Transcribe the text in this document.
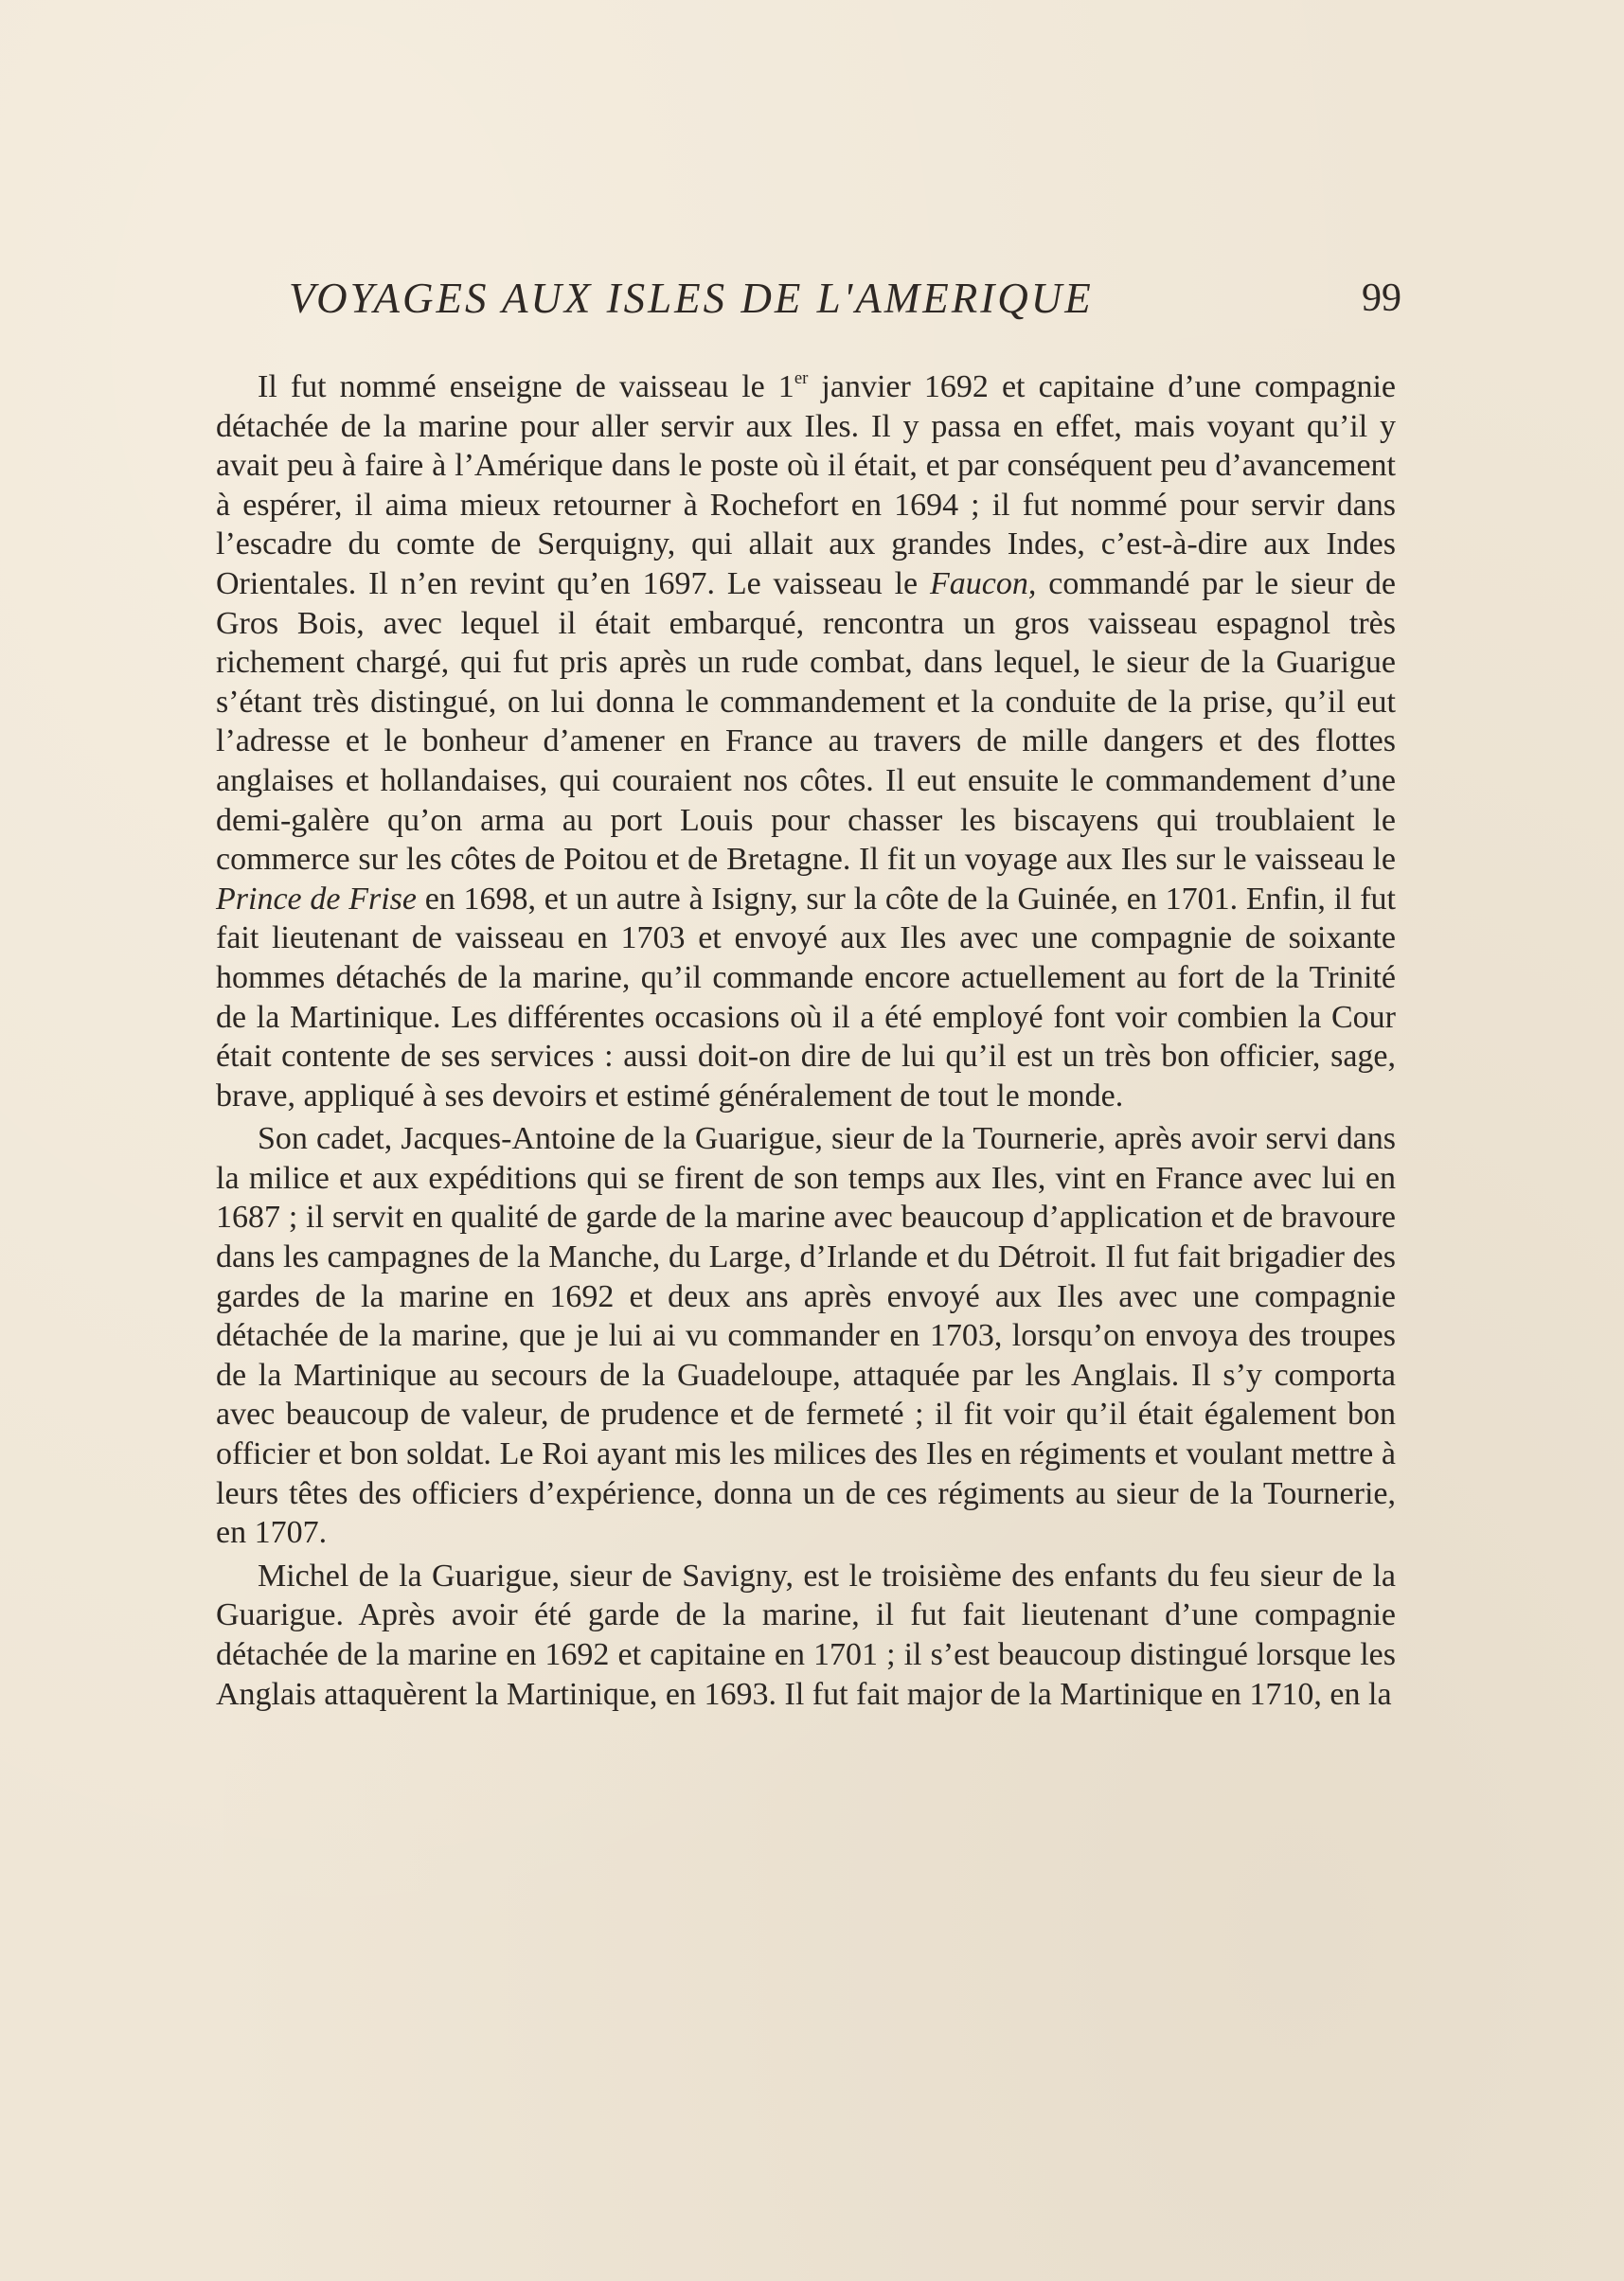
VOYAGES AUX ISLES DE L'AMERIQUE	99

Il fut nommé enseigne de vaisseau le 1er janvier 1692 et capitaine d’une compagnie détachée de la marine pour aller servir aux Iles. Il y passa en effet, mais voyant qu’il y avait peu à faire à l’Amérique dans le poste où il était, et par conséquent peu d’avancement à espérer, il aima mieux retourner à Rochefort en 1694 ; il fut nommé pour servir dans l’escadre du comte de Serquigny, qui allait aux grandes Indes, c’est-à-dire aux Indes Orientales. Il n’en revint qu’en 1697. Le vaisseau le Faucon, commandé par le sieur de Gros Bois, avec lequel il était embarqué, rencontra un gros vaisseau espagnol très richement chargé, qui fut pris après un rude combat, dans lequel, le sieur de la Guarigue s’étant très distingué, on lui donna le commandement et la conduite de la prise, qu’il eut l’adresse et le bonheur d’amener en France au travers de mille dangers et des flottes anglaises et hollandaises, qui couraient nos côtes. Il eut ensuite le commandement d’une demi-galère qu’on arma au port Louis pour chasser les biscayens qui troublaient le commerce sur les côtes de Poitou et de Bretagne. Il fit un voyage aux Iles sur le vaisseau le Prince de Frise en 1698, et un autre à Isigny, sur la côte de la Guinée, en 1701. Enfin, il fut fait lieutenant de vaisseau en 1703 et envoyé aux Iles avec une compagnie de soixante hommes détachés de la marine, qu’il commande encore actuellement au fort de la Trinité de la Martinique. Les différentes occasions où il a été employé font voir combien la Cour était contente de ses services : aussi doit-on dire de lui qu’il est un très bon officier, sage, brave, appliqué à ses devoirs et estimé généralement de tout le monde.

Son cadet, Jacques-Antoine de la Guarigue, sieur de la Tournerie, après avoir servi dans la milice et aux expéditions qui se firent de son temps aux Iles, vint en France avec lui en 1687 ; il servit en qualité de garde de la marine avec beaucoup d’application et de bravoure dans les campagnes de la Manche, du Large, d’Irlande et du Détroit. Il fut fait brigadier des gardes de la marine en 1692 et deux ans après envoyé aux Iles avec une compagnie détachée de la marine, que je lui ai vu commander en 1703, lorsqu’on envoya des troupes de la Martinique au secours de la Guadeloupe, attaquée par les Anglais. Il s’y comporta avec beaucoup de valeur, de prudence et de fermeté ; il fit voir qu’il était également bon officier et bon soldat. Le Roi ayant mis les milices des Iles en régiments et voulant mettre à leurs têtes des officiers d’expérience, donna un de ces régiments au sieur de la Tournerie, en 1707.

Michel de la Guarigue, sieur de Savigny, est le troisième des enfants du feu sieur de la Guarigue. Après avoir été garde de la marine, il fut fait lieutenant d’une compagnie détachée de la marine en 1692 et capitaine en 1701 ; il s’est beaucoup distingué lorsque les Anglais attaquèrent la Martinique, en 1693. Il fut fait major de la Martinique en 1710, en la
